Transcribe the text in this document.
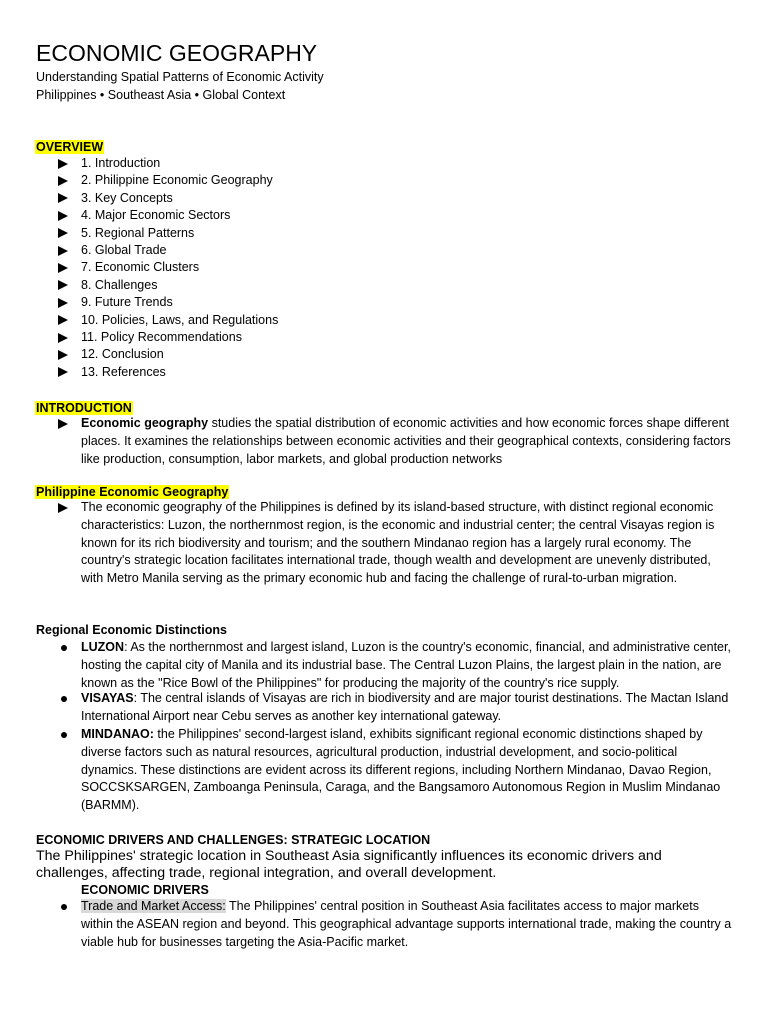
ECONOMIC GEOGRAPHY
Understanding Spatial Patterns of Economic Activity
Philippines • Southeast Asia • Global Context
OVERVIEW
1. Introduction
2. Philippine Economic Geography
3. Key Concepts
4. Major Economic Sectors
5. Regional Patterns
6. Global Trade
7. Economic Clusters
8. Challenges
9. Future Trends
10. Policies, Laws, and Regulations
11. Policy Recommendations
12. Conclusion
13. References
INTRODUCTION
Economic geography studies the spatial distribution of economic activities and how economic forces shape different places. It examines the relationships between economic activities and their geographical contexts, considering factors like production, consumption, labor markets, and global production networks
Philippine Economic Geography
The economic geography of the Philippines is defined by its island-based structure, with distinct regional economic characteristics: Luzon, the northernmost region, is the economic and industrial center; the central Visayas region is known for its rich biodiversity and tourism; and the southern Mindanao region has a largely rural economy. The country's strategic location facilitates international trade, though wealth and development are unevenly distributed, with Metro Manila serving as the primary economic hub and facing the challenge of rural-to-urban migration.
Regional Economic Distinctions
LUZON: As the northernmost and largest island, Luzon is the country's economic, financial, and administrative center, hosting the capital city of Manila and its industrial base. The Central Luzon Plains, the largest plain in the nation, are known as the "Rice Bowl of the Philippines" for producing the majority of the country's rice supply.
VISAYAS: The central islands of Visayas are rich in biodiversity and are major tourist destinations. The Mactan Island International Airport near Cebu serves as another key international gateway.
MINDANAO: the Philippines' second-largest island, exhibits significant regional economic distinctions shaped by diverse factors such as natural resources, agricultural production, industrial development, and socio-political dynamics. These distinctions are evident across its different regions, including Northern Mindanao, Davao Region, SOCCSKSARGEN, Zamboanga Peninsula, Caraga, and the Bangsamoro Autonomous Region in Muslim Mindanao (BARMM).
ECONOMIC DRIVERS AND CHALLENGES: STRATEGIC LOCATION
The Philippines' strategic location in Southeast Asia significantly influences its economic drivers and challenges, affecting trade, regional integration, and overall development.
ECONOMIC DRIVERS
Trade and Market Access: The Philippines' central position in Southeast Asia facilitates access to major markets within the ASEAN region and beyond. This geographical advantage supports international trade, making the country a viable hub for businesses targeting the Asia-Pacific market.
